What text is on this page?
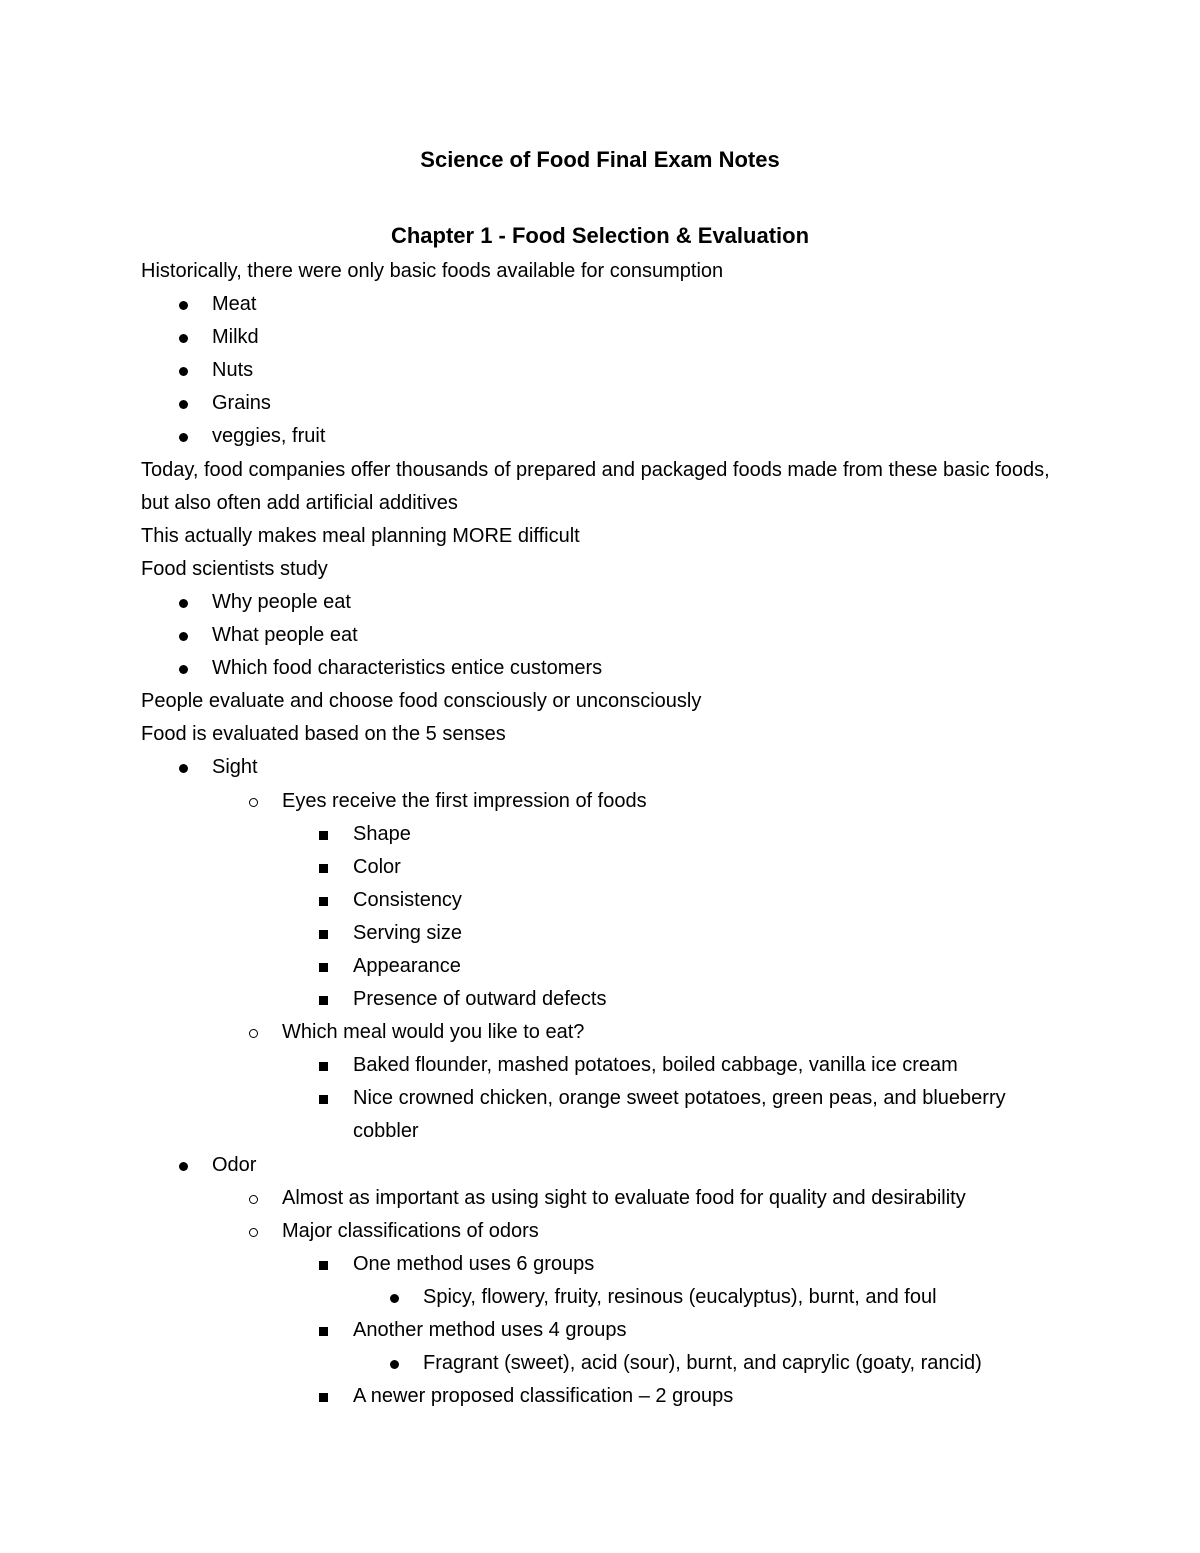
Science of Food Final Exam Notes
Chapter 1 - Food Selection & Evaluation

Historically, there were only basic foods available for consumption

Meat
Milkd
Nuts
Grains
veggies, fruit

Today, food companies offer thousands of prepared and packaged foods made from these basic foods, but also often add artificial additives

This actually makes meal planning MORE difficult

Food scientists study

Why people eat
What people eat
Which food characteristics entice customers

People evaluate and choose food consciously or unconsciously

Food is evaluated based on the 5 senses

Sight
Eyes receive the first impression of foods
Shape
Color
Consistency
Serving size
Appearance
Presence of outward defects
Which meal would you like to eat?
Baked flounder, mashed potatoes, boiled cabbage, vanilla ice cream
Nice crowned chicken, orange sweet potatoes, green peas, and blueberry cobbler
Odor
Almost as important as using sight to evaluate food for quality and desirability
Major classifications of odors
One method uses 6 groups
Spicy, flowery, fruity, resinous (eucalyptus), burnt, and foul
Another method uses 4 groups
Fragrant (sweet), acid (sour), burnt, and caprylic (goaty, rancid)
A newer proposed classification – 2 groups
